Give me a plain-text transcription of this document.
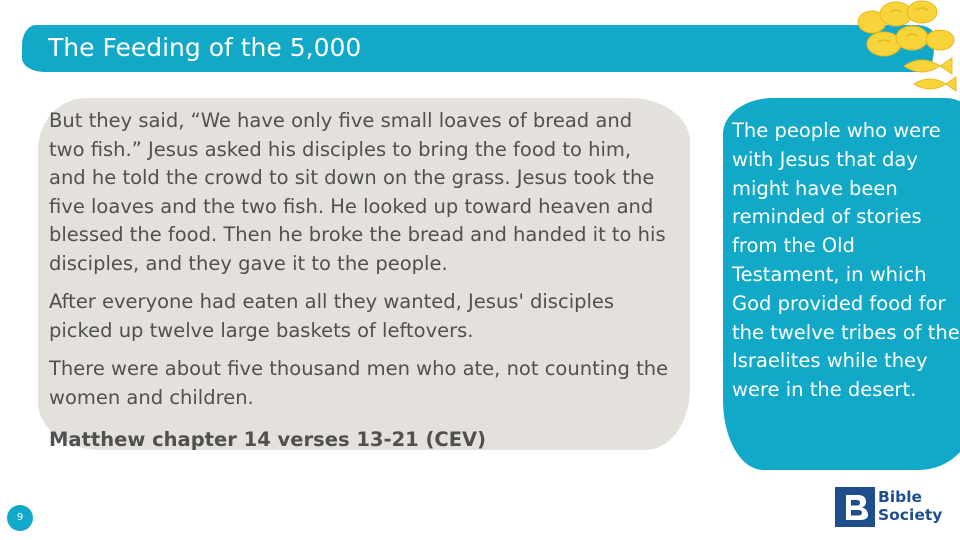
The Feeding of the 5,000

But they said, “We have only five small loaves of bread and two fish.” Jesus asked his disciples to bring the food to him, and he told the crowd to sit down on the grass. Jesus took the five loaves and the two fish. He looked up toward heaven and blessed the food. Then he broke the bread and handed it to his disciples, and they gave it to the people.

After everyone had eaten all they wanted, Jesus' disciples picked up twelve large baskets of leftovers.

There were about five thousand men who ate, not counting the women and children.

Matthew chapter 14 verses 13-21 (CEV)

The people who were with Jesus that day might have been reminded of stories from the Old Testament, in which God provided food for the twelve tribes of the Israelites while they were in the desert.
9
Bible
Society
